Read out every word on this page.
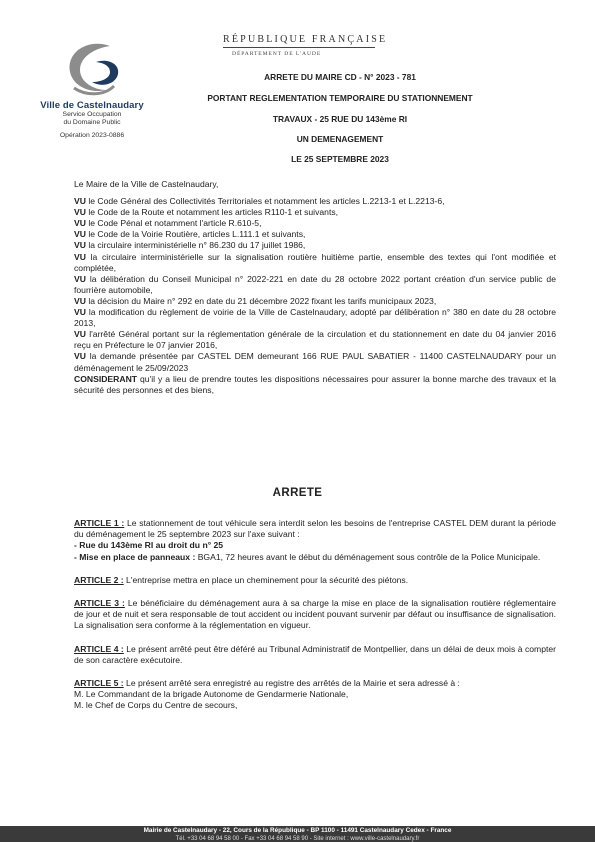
Ville de Castelnaudary
Service Occupation
du Domaine Public
Opération 2023-0886
RÉPUBLIQUE FRANÇAISE
DÉPARTEMENT DE L'AUDE
ARRETE DU MAIRE CD - N° 2023 - 781
PORTANT REGLEMENTATION TEMPORAIRE DU STATIONNEMENT
TRAVAUX - 25 RUE DU 143ème RI
UN DEMENAGEMENT
LE 25 SEPTEMBRE 2023

Le Maire de la Ville de Castelnaudary,

VU le Code Général des Collectivités Territoriales et notamment les articles L.2213-1 et L.2213-6,

VU le Code de la Route et notamment les articles R110-1 et suivants,

VU le Code Pénal et notamment l'article R.610-5,

VU le Code de la Voirie Routière, articles L.111.1 et suivants,

VU la circulaire interministérielle n° 86.230 du 17 juillet 1986,

VU la circulaire interministérielle sur la signalisation routière huitième partie, ensemble des textes qui l'ont modifiée et complétée,

VU la délibération du Conseil Municipal n° 2022-221 en date du 28 octobre 2022 portant création d'un service public de fourrière automobile,

VU la décision du Maire n° 292 en date du 21 décembre 2022 fixant les tarifs municipaux 2023,

VU la modification du règlement de voirie de la Ville de Castelnaudary, adopté par délibération n° 380 en date du 28 octobre 2013,

VU l'arrêté Général portant sur la réglementation générale de la circulation et du stationnement en date du 04 janvier 2016 reçu en Préfecture le 07 janvier 2016,

VU la demande présentée par CASTEL DEM demeurant 166 RUE PAUL SABATIER - 11400 CASTELNAUDARY pour un déménagement le 25/09/2023

CONSIDERANT qu'il y a lieu de prendre toutes les dispositions nécessaires pour assurer la bonne marche des travaux et la sécurité des personnes et des biens,

ARRETE
ARTICLE 1 : Le stationnement de tout véhicule sera interdit selon les besoins de l'entreprise CASTEL DEM durant la période du déménagement le 25 septembre 2023 sur l'axe suivant :
- Rue du 143ème RI au droit du n° 25
- Mise en place de panneaux : BGA1, 72 heures avant le début du déménagement sous contrôle de la Police Municipale.
ARTICLE 2 : L'entreprise mettra en place un cheminement pour la sécurité des piétons.
ARTICLE 3 : Le bénéficiaire du déménagement aura à sa charge la mise en place de la signalisation routière réglementaire de jour et de nuit et sera responsable de tout accident ou incident pouvant survenir par défaut ou insuffisance de signalisation. La signalisation sera conforme à la réglementation en vigueur.
ARTICLE 4 : Le présent arrêté peut être déféré au Tribunal Administratif de Montpellier, dans un délai de deux mois à compter de son caractère exécutoire.
ARTICLE 5 : Le présent arrêté sera enregistré au registre des arrêtés de la Mairie et sera adressé à :
M. Le Commandant de la brigade Autonome de Gendarmerie Nationale,
M. le Chef de Corps du Centre de secours,
Mairie de Castelnaudary - 22, Cours de la République - BP 1100 - 11491 Castelnaudary Cedex - France
Tél. +33 04 68 94 58 00 - Fax +33 04 68 94 58 90 - Site internet : www.ville-castelnaudary.fr
